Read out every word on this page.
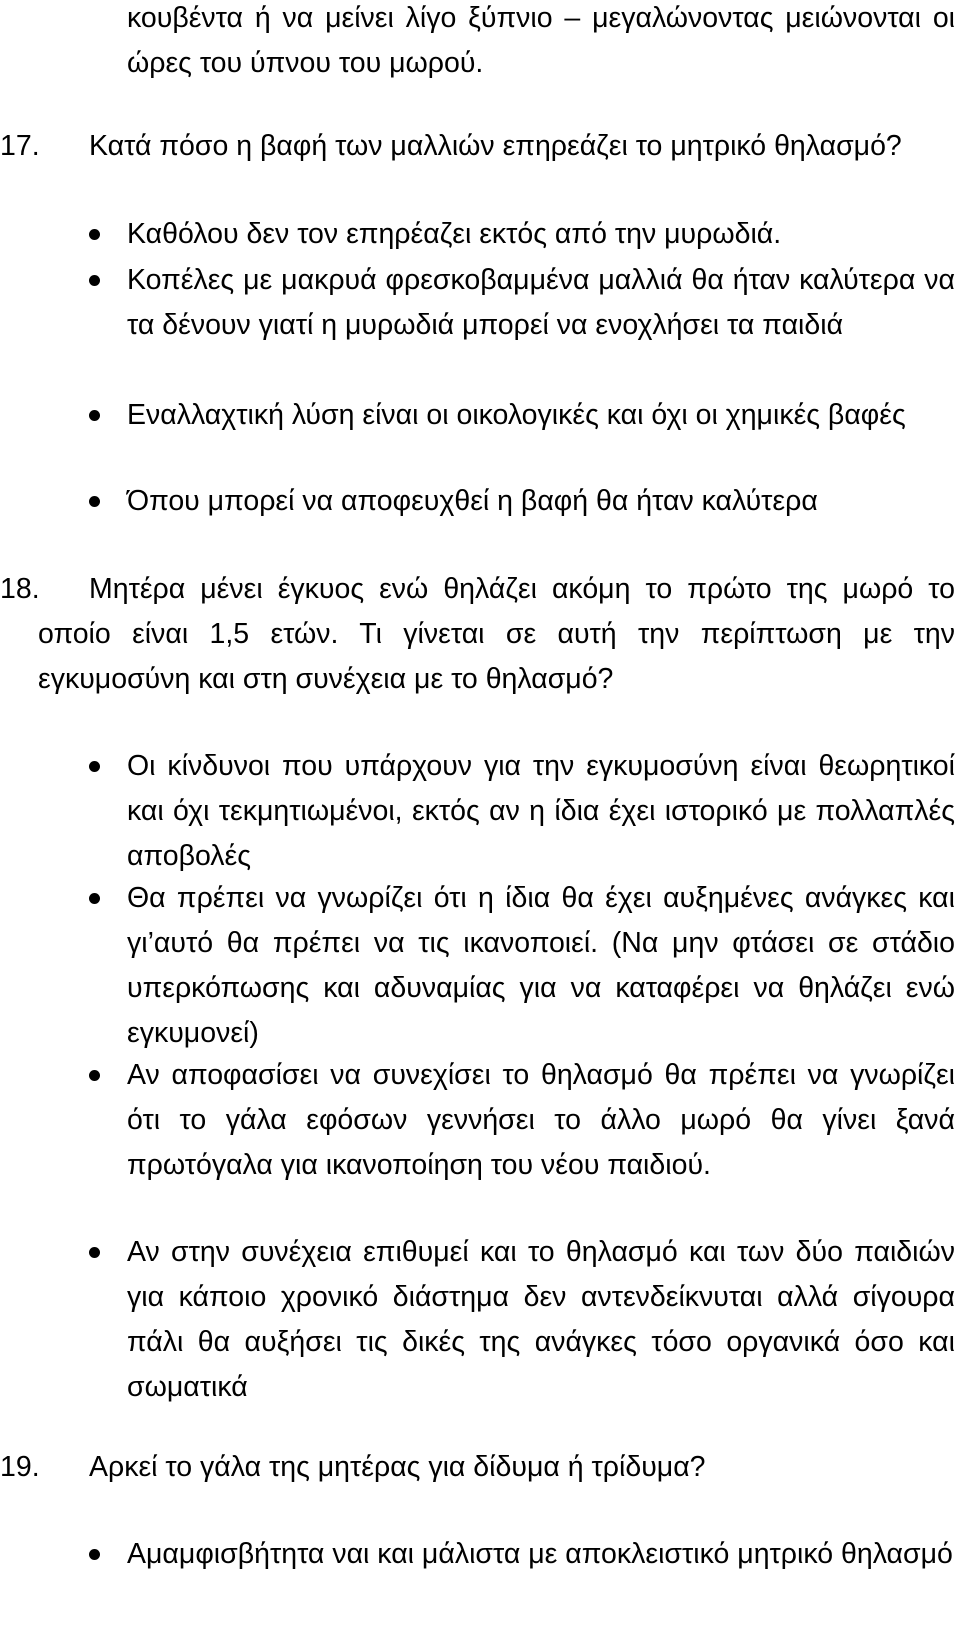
κουβέντα ή να μείνει λίγο ξύπνιο – μεγαλώνοντας μειώνονται οι ώρες του ύπνου του μωρού.

17. Κατά πόσο η βαφή των μαλλιών επηρεάζει το μητρικό θηλασμό?

Καθόλου δεν τον επηρέαζει εκτός από την μυρωδιά.
Κοπέλες με μακρυά φρεσκοβαμμένα μαλλιά θα ήταν καλύτερα να τα δένουν γιατί η μυρωδιά μπορεί να ενοχλήσει τα παιδιά
Εναλλαχτική λύση είναι οι οικολογικές και όχι οι χημικές βαφές
Όπου μπορεί να αποφευχθεί η βαφή θα ήταν καλύτερα

18. Μητέρα μένει έγκυος ενώ θηλάζει ακόμη το πρώτο της μωρό το οποίο είναι 1,5 ετών. Τι γίνεται σε αυτή την περίπτωση με την εγκυμοσύνη και στη συνέχεια με το θηλασμό?

Οι κίνδυνοι που υπάρχουν για την εγκυμοσύνη είναι θεωρητικοί και όχι τεκμητιωμένοι, εκτός αν η ίδια έχει ιστορικό με πολλαπλές αποβολές
Θα πρέπει να γνωρίζει ότι η ίδια θα έχει αυξημένες ανάγκες και γι’αυτό θα πρέπει να τις ικανοποιεί. (Να μην φτάσει σε στάδιο υπερκόπωσης και αδυναμίας για να καταφέρει να θηλάζει ενώ εγκυμονεί)
Αν αποφασίσει να συνεχίσει το θηλασμό θα πρέπει να γνωρίζει ότι το γάλα εφόσων γεννήσει το άλλο μωρό θα γίνει ξανά πρωτόγαλα για ικανοποίηση του νέου παιδιού.
Αν στην συνέχεια επιθυμεί και το θηλασμό και των δύο παιδιών για κάποιο χρονικό διάστημα δεν αντενδείκνυται αλλά σίγουρα πάλι θα αυξήσει τις δικές της ανάγκες τόσο οργανικά όσο και σωματικά

19. Αρκεί το γάλα της μητέρας για δίδυμα ή τρίδυμα?

Αμαμφισβήτητα ναι και μάλιστα με αποκλειστικό μητρικό θηλασμό
